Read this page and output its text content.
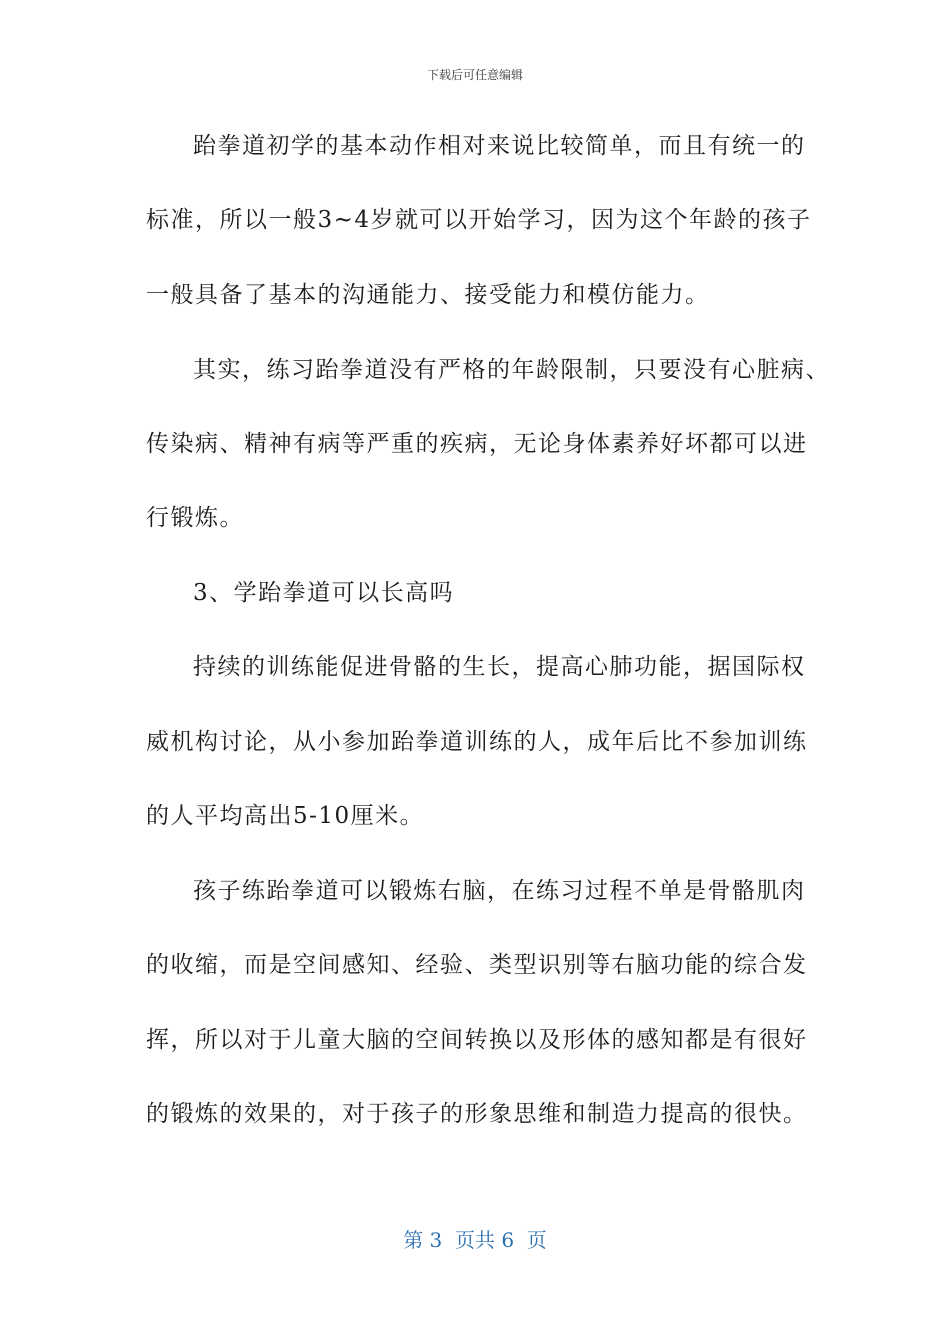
下载后可任意编辑
跆拳道初学的基本动作相对来说比较简单，而且有统一的
标准，所以一般3~4岁就可以开始学习，因为这个年龄的孩子
一般具备了基本的沟通能力、接受能力和模仿能力。
其实，练习跆拳道没有严格的年龄限制，只要没有心脏病、
传染病、精神有病等严重的疾病，无论身体素养好坏都可以进
行锻炼。
3、学跆拳道可以长高吗
持续的训练能促进骨骼的生长，提高心肺功能，据国际权
威机构讨论，从小参加跆拳道训练的人，成年后比不参加训练
的人平均高出5-10厘米。
孩子练跆拳道可以锻炼右脑，在练习过程不单是骨骼肌肉
的收缩，而是空间感知、经验、类型识别等右脑功能的综合发
挥，所以对于儿童大脑的空间转换以及形体的感知都是有很好
的锻炼的效果的，对于孩子的形象思维和制造力提高的很快。
第 3  页共 6  页
